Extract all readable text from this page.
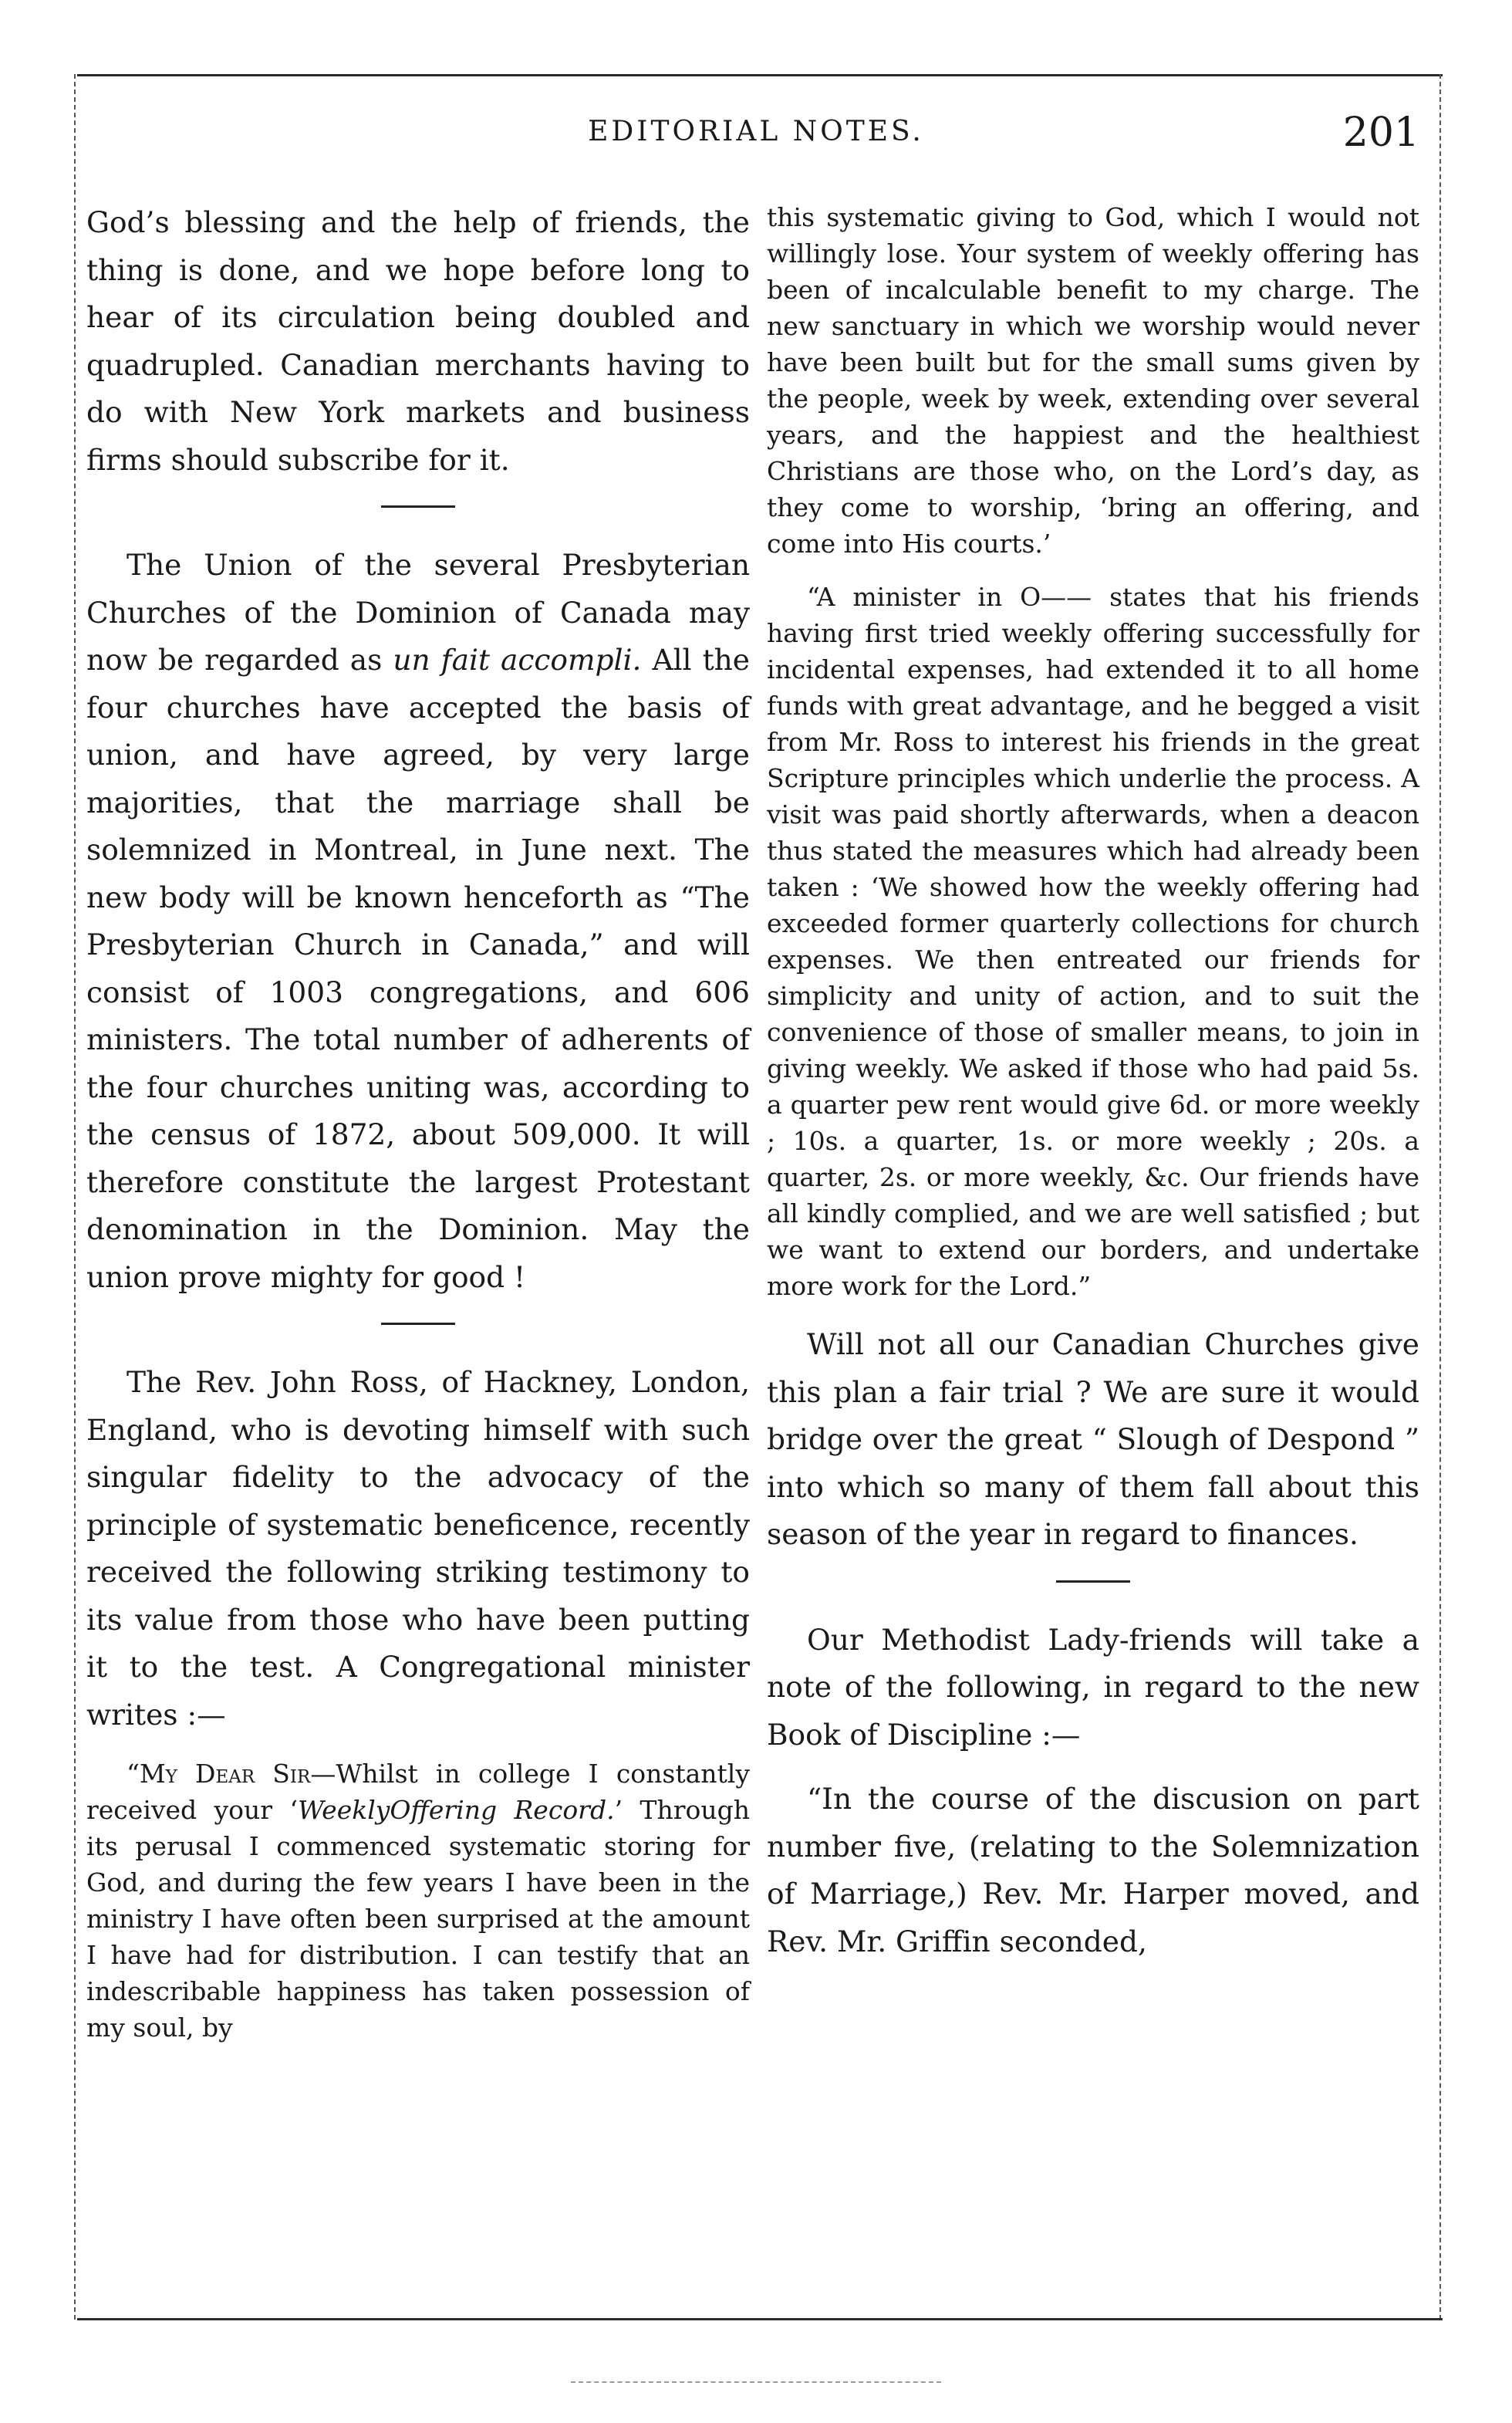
EDITORIAL NOTES.	201

God’s blessing and the help of friends, the thing is done, and we hope before long to hear of its circulation being doubled and quadrupled. Canadian merchants having to do with New York markets and business firms should subscribe for it.

The Union of the several Presbyterian Churches of the Dominion of Canada may now be regarded as un fait accompli. All the four churches have accepted the basis of union, and have agreed, by very large majorities, that the marriage shall be solemnized in Montreal, in June next. The new body will be known henceforth as “The Presbyterian Church in Canada,” and will consist of 1003 congregations, and 606 ministers. The total number of adherents of the four churches uniting was, according to the census of 1872, about 509,000. It will therefore constitute the largest Protestant denomination in the Dominion. May the union prove mighty for good !

The Rev. John Ross, of Hackney, London, England, who is devoting himself with such singular fidelity to the advocacy of the principle of systematic beneficence, recently received the following striking testimony to its value from those who have been putting it to the test. A Congregational minister writes :—

“My Dear Sir—Whilst in college I constantly received your ‘WeeklyOffering Record.’ Through its perusal I commenced systematic storing for God, and during the few years I have been in the ministry I have often been surprised at the amount I have had for distribution. I can testify that an indescribable happiness has taken possession of my soul, by

this systematic giving to God, which I would not willingly lose. Your system of weekly offering has been of incalculable benefit to my charge. The new sanctuary in which we worship would never have been built but for the small sums given by the people, week by week, extending over several years, and the happiest and the healthiest Christians are those who, on the Lord’s day, as they come to worship, ‘bring an offering, and come into His courts.’

“A minister in O—— states that his friends having first tried weekly offering successfully for incidental expenses, had extended it to all home funds with great advantage, and he begged a visit from Mr. Ross to interest his friends in the great Scripture principles which underlie the process. A visit was paid shortly afterwards, when a deacon thus stated the measures which had already been taken : ‘We showed how the weekly offering had exceeded former quarterly collections for church expenses. We then entreated our friends for simplicity and unity of action, and to suit the convenience of those of smaller means, to join in giving weekly. We asked if those who had paid 5s. a quarter pew rent would give 6d. or more weekly ; 10s. a quarter, 1s. or more weekly ; 20s. a quarter, 2s. or more weekly, &c. Our friends have all kindly complied, and we are well satisfied ; but we want to extend our borders, and undertake more work for the Lord.”

Will not all our Canadian Churches give this plan a fair trial ? We are sure it would bridge over the great “ Slough of Despond ” into which so many of them fall about this season of the year in regard to finances.

Our Methodist Lady-friends will take a note of the following, in regard to the new Book of Discipline :—

“In the course of the discusion on part number five, (relating to the Solemnization of Marriage,) Rev. Mr. Harper moved, and Rev. Mr. Griffin seconded,
